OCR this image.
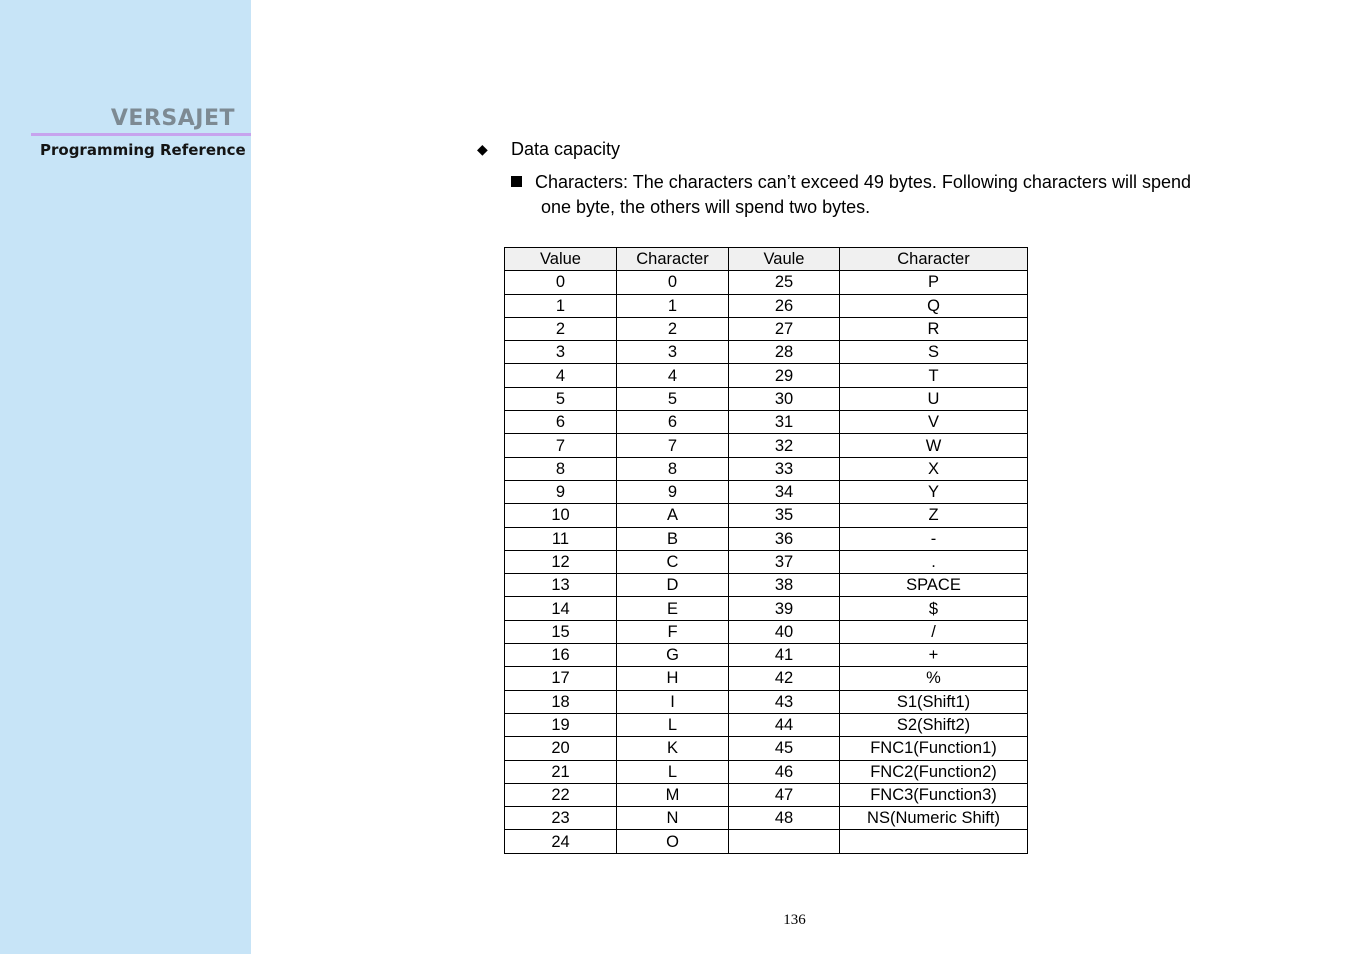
VERSAJET
Programming Reference	◆	Data capacity
Characters: The characters can’t exceed 49 bytes. Following characters will spend
one byte, the others will spend two bytes.
Value	Character	Vaule	Character
0	0	25	P
1	1	26	Q
2	2	27	R
3	3	28	S
4	4	29	T
5	5	30	U
6	6	31	V
7	7	32	W
8	8	33	X
9	9	34	Y
10	A	35	Z
11	B	36	-
12	C	37	.
13	D	38	SPACE
14	E	39	$
15	F	40	/
16	G	41	+
17	H	42	%
18	I	43	S1(Shift1)
19	L	44	S2(Shift2)
20	K	45	FNC1(Function1)
21	L	46	FNC2(Function2)
22	M	47	FNC3(Function3)
23	N	48	NS(Numeric Shift)
24	O		
136
